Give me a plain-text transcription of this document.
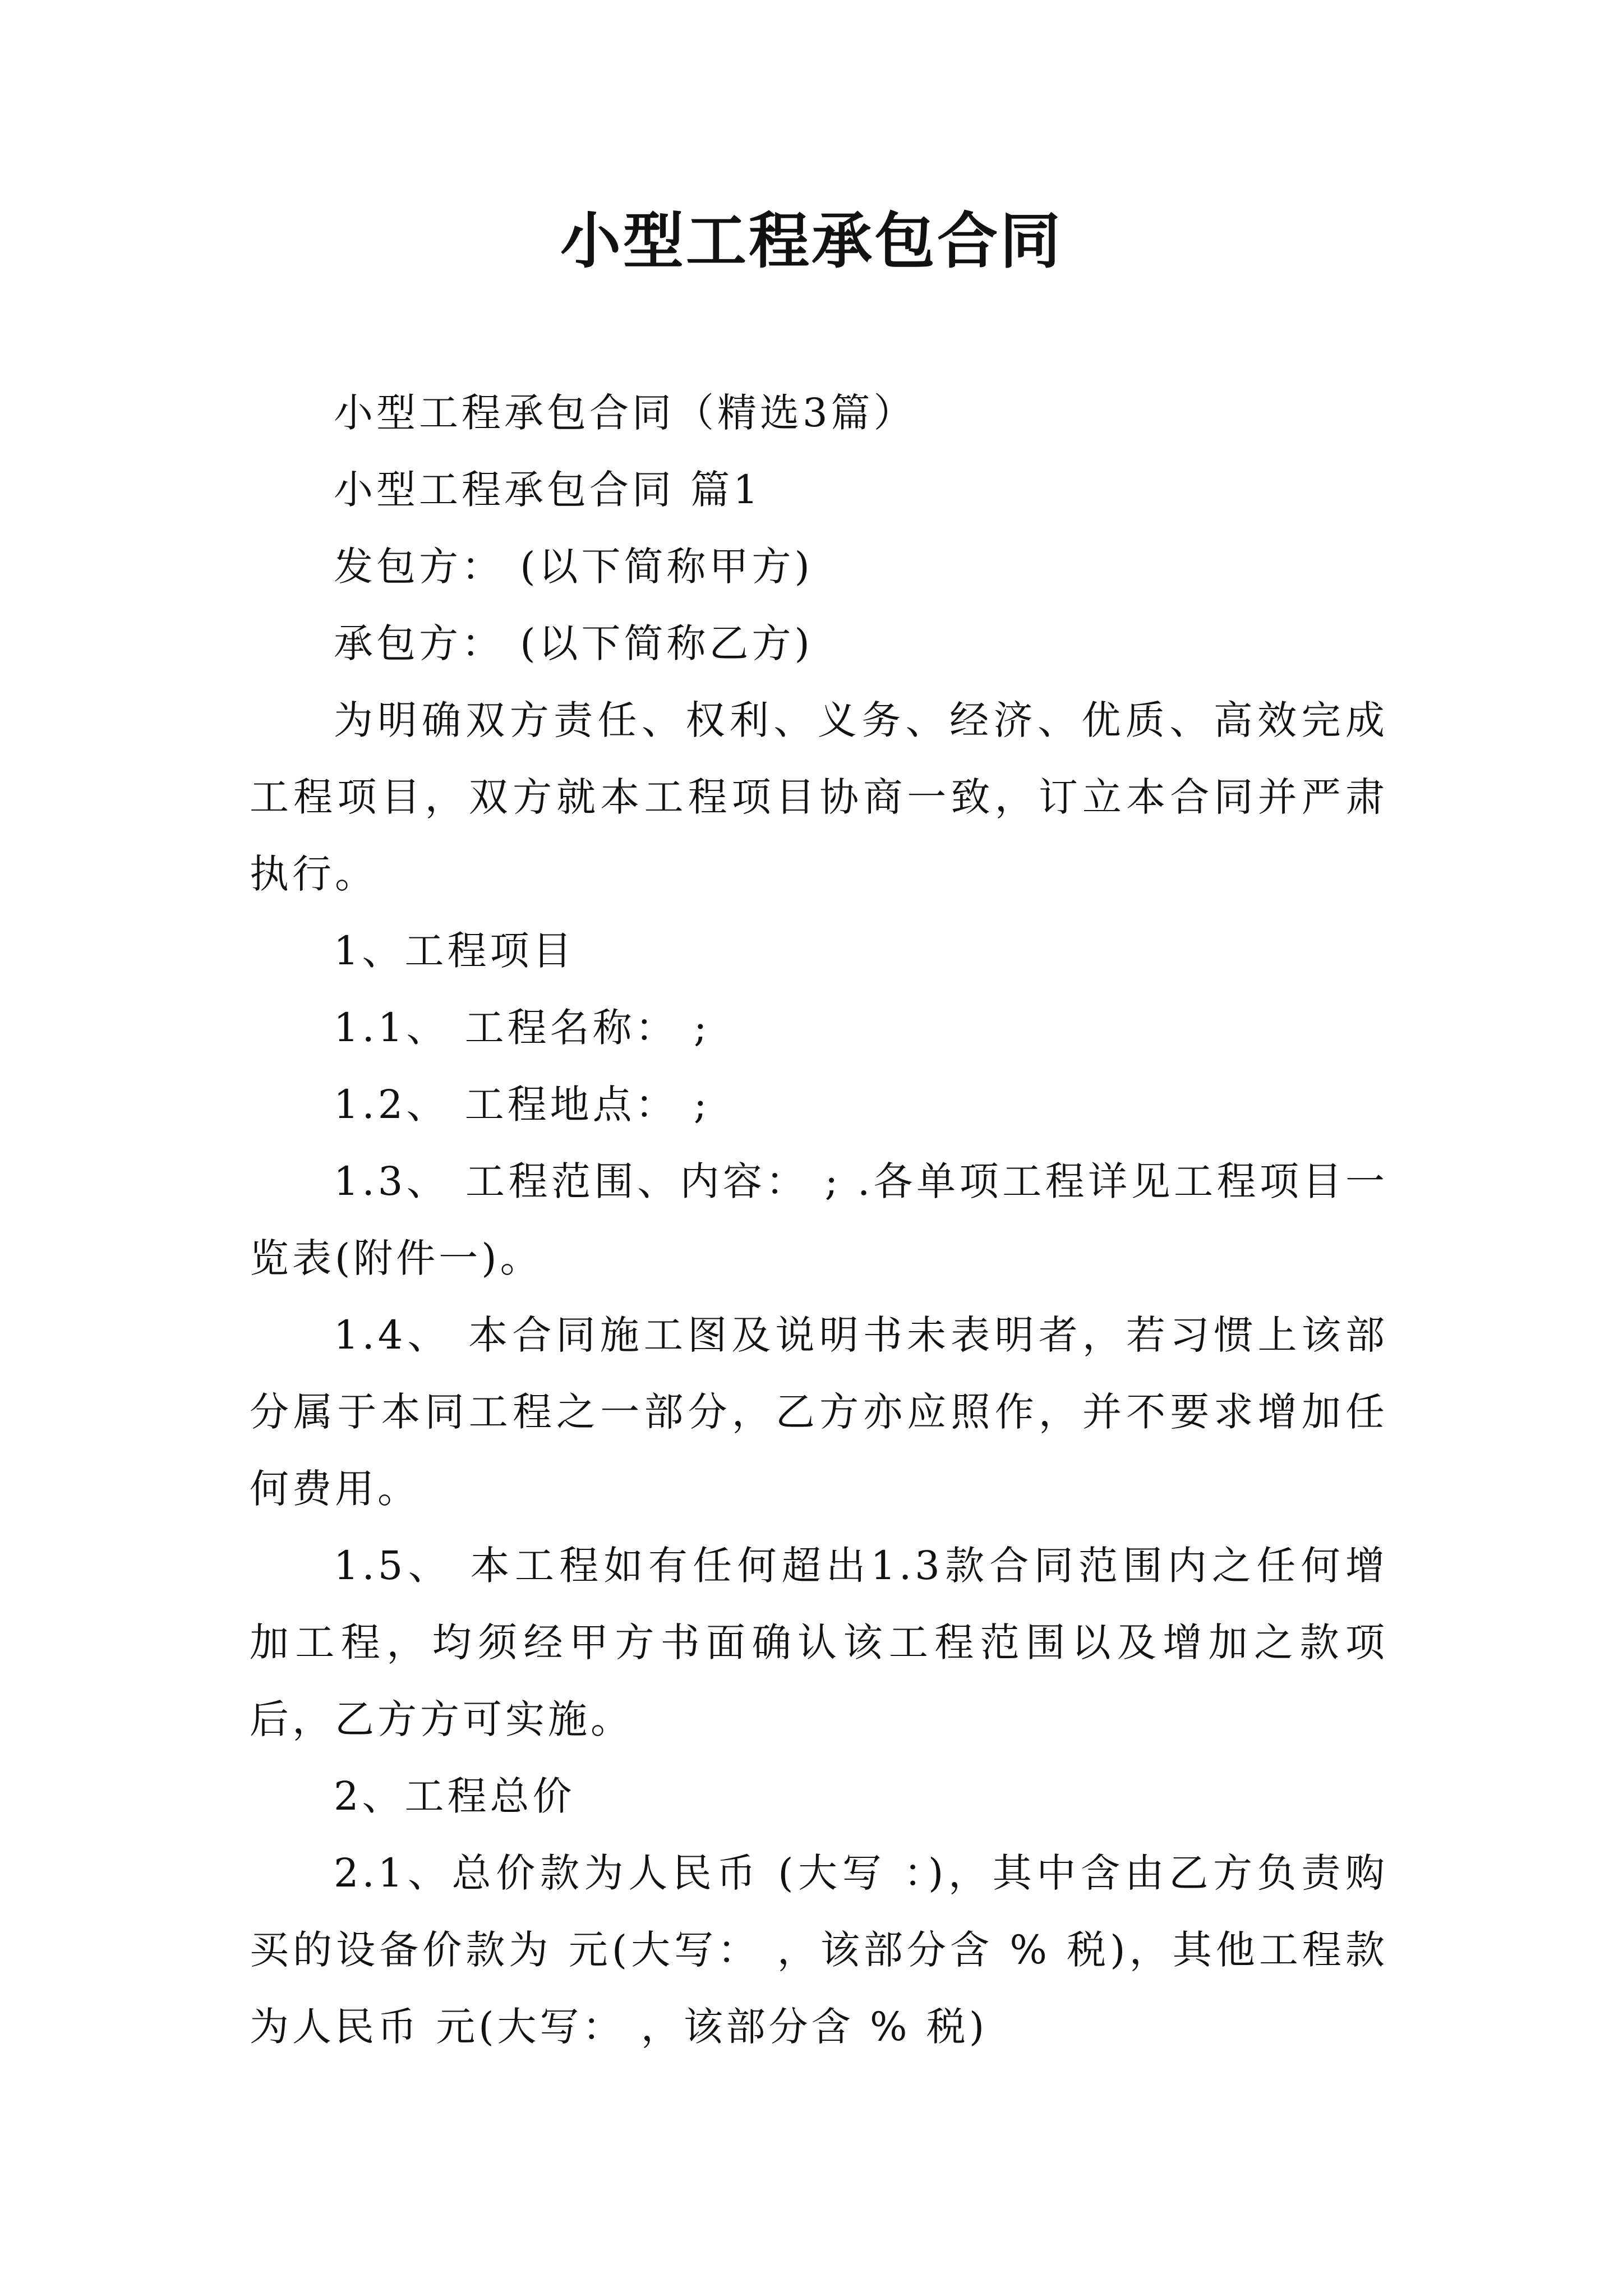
小型工程承包合同

小型工程承包合同（精选3篇）

小型工程承包合同 篇1

发包方： (以下简称甲方)

承包方： (以下简称乙方)

为明确双方责任、权利、义务、经济、优质、高效完成工程项目，双方就本工程项目协商一致，订立本合同并严肃执行。

1、工程项目

1.1、 工程名称： ;

1.2、 工程地点： ;

1.3、 工程范围、内容： ; .各单项工程详见工程项目一览表(附件一)。

1.4、 本合同施工图及说明书未表明者，若习惯上该部分属于本同工程之一部分，乙方亦应照作，并不要求增加任何费用。

1.5、 本工程如有任何超出1.3款合同范围内之任何增加工程，均须经甲方书面确认该工程范围以及增加之款项后，乙方方可实施。

2、工程总价

2.1、总价款为人民币 (大写 ：)，其中含由乙方负责购买的设备价款为 元(大写： ，该部分含 % 税)，其他工程款为人民币 元(大写： ，该部分含 % 税)
